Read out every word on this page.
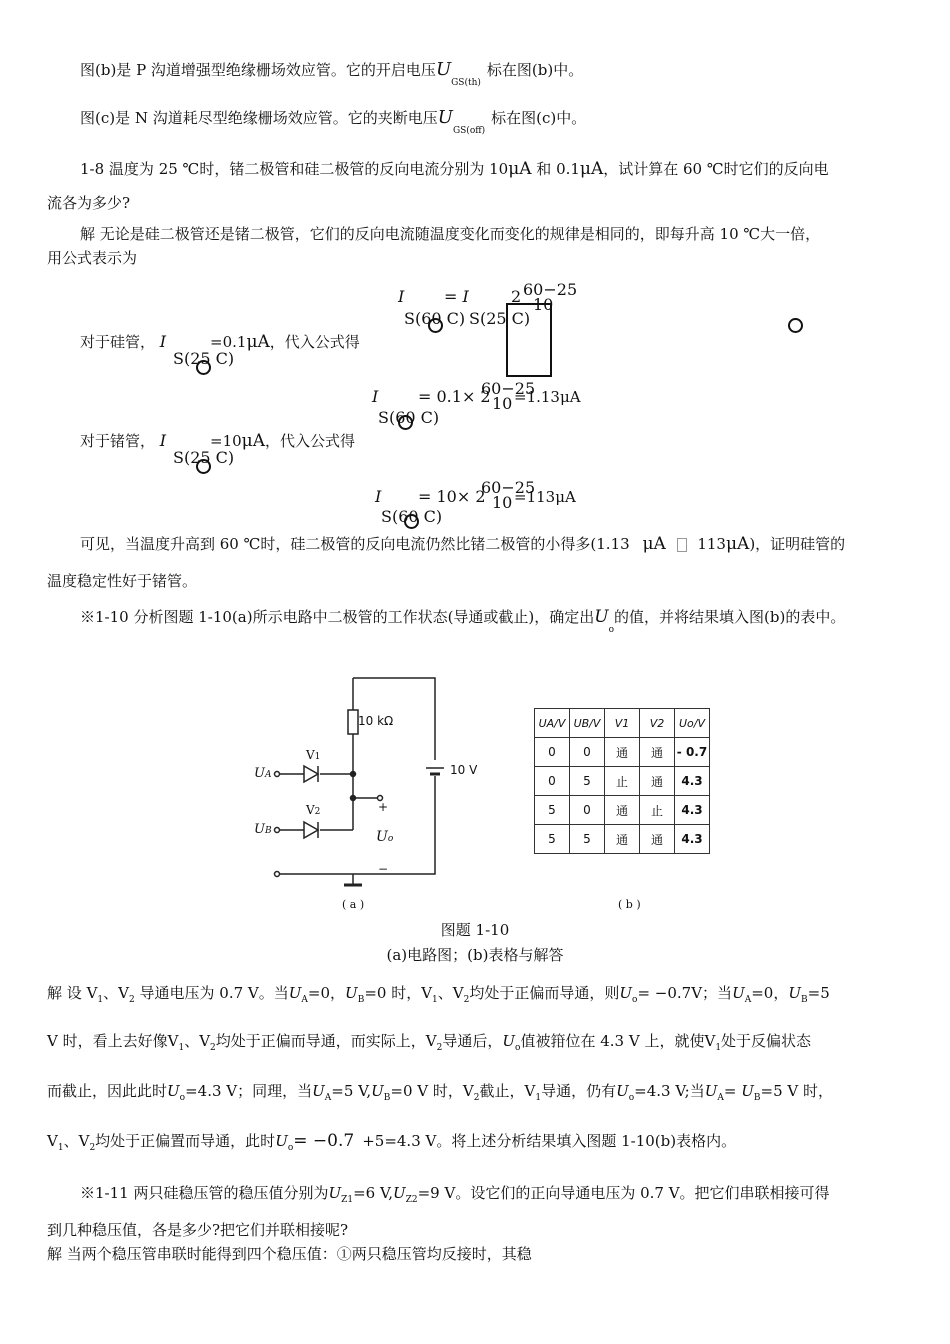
图(b)是 P 沟道增强型绝缘栅场效应管。它的开启电压$U_{GS(th)}$标在图(b)中。
图(c)是 N 沟道耗尽型绝缘栅场效应管。它的夹断电压$U_{GS(off)}$标在图(c)中。
1-8 温度为 25 ℃时，锗二极管和硅二极管的反向电流分别为 10μA 和 0.1μA，试计算在 60 ℃时它们的反向电
流各为多少?
解 无论是硅二极管还是锗二极管，它们的反向电流随温度变化而变化的规律是相同的，即每升高 10 ℃大一倍，
用公式表示为
I
S(60 C)
= I
S(25 C)
2 60−25
10
对于硅管， I
S(25 C)
=0.1μA，代入公式得
I
S(60 C)
= 0.1× 2
60−25
10 =1.13μA
对于锗管， I
S(25 C)
=10μA，代入公式得
I
S(60 C)
= 10× 2
60−25
10 =113μA
可见，当温度升高到 60 ℃时，硅二极管的反向电流仍然比锗二极管的小得多(1.13 μA 113μA)，证明硅管的
温度稳定性好于锗管。
※1-10 分析图题 1-10(a)所示电路中二极管的工作状态(导通或截止)，确定出$U_o$的值，并将结果填入图(b)的表中。
10 kΩ
V1
V2
UA
UB
10 V
+
Uo
−
( a )
UA/V	UB/V	V1	V2	Uo/V
0	0	通	通	- 0.7
0	5	止	通	4.3
5	0	通	止	4.3
5	5	通	通	4.3
( b )
图题 1-10
(a)电路图；(b)表格与解答
解 设 $V_1$、$V_2$ 导通电压为 0.7 V。当$U_A=0$，$U_B=0$ 时，$V_1$、$V_2$均处于正偏而导通，则$U_o= -0.7V$；当$U_A=0$，$U_B=5$
V 时，看上去好像$V_1$、$V_2$均处于正偏而导通，而实际上，$V_2$导通后，$U_o$值被箝位在 4.3 V 上，就使$V_1$处于反偏状态
而截止，因此此时$U_o=4.3$ V；同理，当$U_A=5$ $V,U_B=0$ V 时，$V_2$截止，$V_1$导通，仍有$U_o=4.3$ V;当$U_A= U_B=5$ V 时，
$V_1$、$V_2$均处于正偏置而导通，此时$U_o= -0.7 +5=4.3$ V。将上述分析结果填入图题 1-10(b)表格内。
※1-11 两只硅稳压管的稳压值分别为$U_{Z1}=6$ $V,U_{Z2}=9$ V。设它们的正向导通电压为 0.7 V。把它们串联相接可得
到几种稳压值，各是多少?把它们并联相接呢?
解 当两个稳压管串联时能得到四个稳压值：①两只稳压管均反接时，其稳
